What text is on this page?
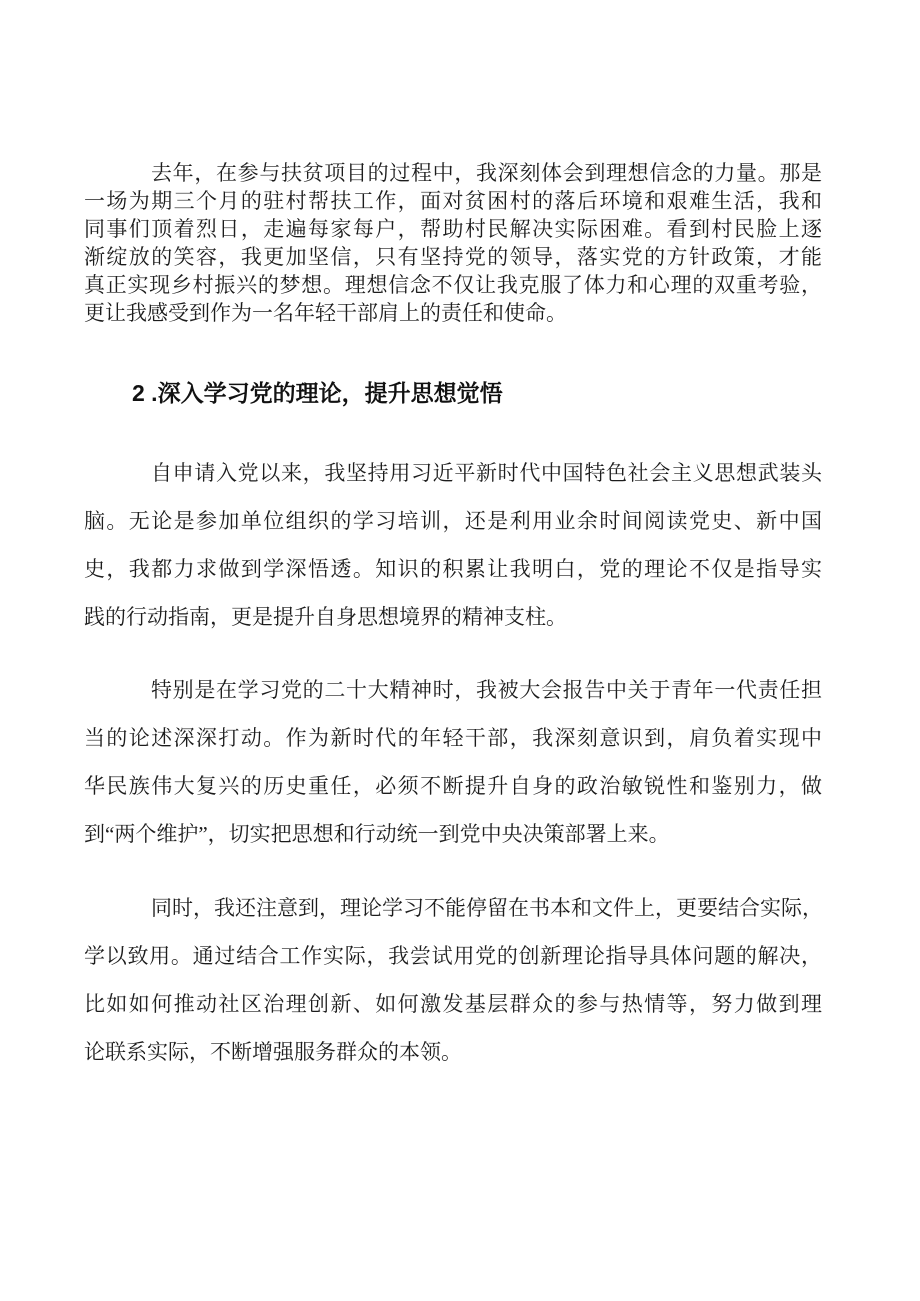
去年，在参与扶贫项目的过程中，我深刻体会到理想信念的力量。那是
一场为期三个月的驻村帮扶工作，面对贫困村的落后环境和艰难生活，我和
同事们顶着烈日，走遍每家每户，帮助村民解决实际困难。看到村民脸上逐
渐绽放的笑容，我更加坚信，只有坚持党的领导，落实党的方针政策，才能
真正实现乡村振兴的梦想。理想信念不仅让我克服了体力和心理的双重考验，
更让我感受到作为一名年轻干部肩上的责任和使命。
2 .深入学习党的理论，提升思想觉悟
自申请入党以来，我坚持用习近平新时代中国特色社会主义思想武装头
脑。无论是参加单位组织的学习培训，还是利用业余时间阅读党史、新中国
史，我都力求做到学深悟透。知识的积累让我明白，党的理论不仅是指导实
践的行动指南，更是提升自身思想境界的精神支柱。
特别是在学习党的二十大精神时，我被大会报告中关于青年一代责任担
当的论述深深打动。作为新时代的年轻干部，我深刻意识到，肩负着实现中
华民族伟大复兴的历史重任，必须不断提升自身的政治敏锐性和鉴别力，做
到“两个维护”，切实把思想和行动统一到党中央决策部署上来。
同时，我还注意到，理论学习不能停留在书本和文件上，更要结合实际，
学以致用。通过结合工作实际，我尝试用党的创新理论指导具体问题的解决，
比如如何推动社区治理创新、如何激发基层群众的参与热情等，努力做到理
论联系实际，不断增强服务群众的本领。
